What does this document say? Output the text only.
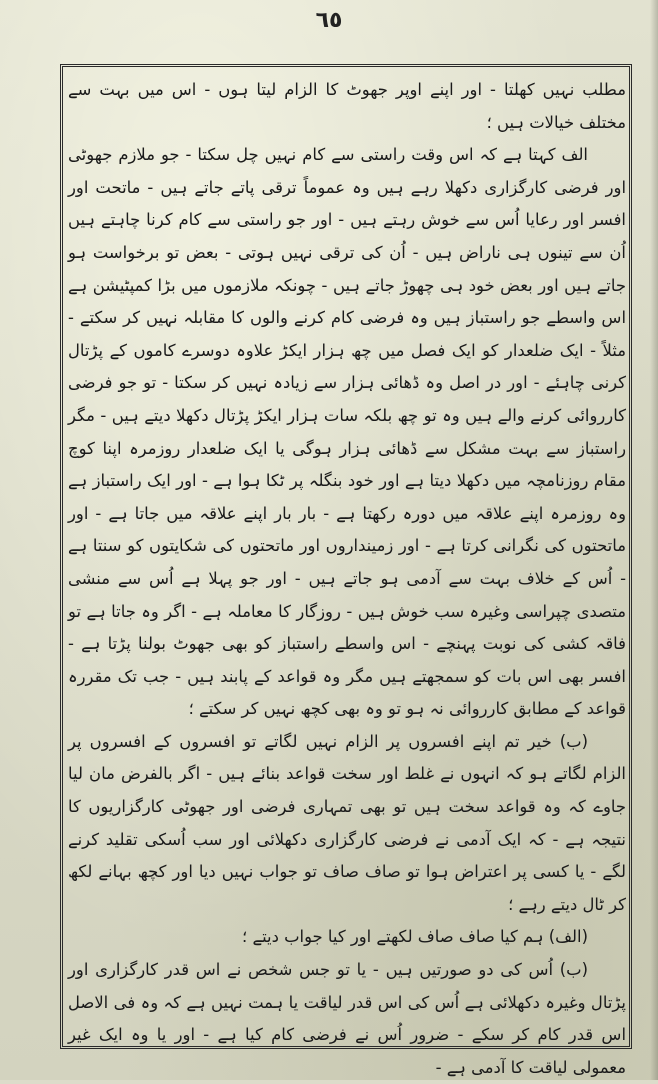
٦٥

مطلب نہیں کھلتا - اور اپنے اوپر جھوٹ کا الزام لیتا ہوں - اس میں بہت سے مختلف خیالات ہیں ؛

الف کہتا ہے کہ اس وقت راستی سے کام نہیں چل سکتا - جو ملازم جھوٹی اور فرضی کارگزاری دکھلا رہے ہیں وہ عموماً ترقی پاتے جاتے ہیں - ماتحت اور افسر اور رعایا اُس سے خوش رہتے ہیں - اور جو راستی سے کام کرنا چاہتے ہیں اُن سے تینوں ہی ناراض ہیں - اُن کی ترقی نہیں ہوتی - بعض تو برخواست ہو جاتے ہیں اور بعض خود ہی چھوڑ جاتے ہیں - چونکہ ملازموں میں بڑا کمپٹیشن ہے اس واسطے جو راستباز ہیں وہ فرضی کام کرنے والوں کا مقابلہ نہیں کر سکتے - مثلاً - ایک ضلعدار کو ایک فصل میں چھ ہزار ایکڑ علاوہ دوسرے کاموں کے پڑتال کرنی چاہئے - اور در اصل وہ ڈھائی ہزار سے زیادہ نہیں کر سکتا - تو جو فرضی کارروائی کرنے والے ہیں وہ تو چھ بلکہ سات ہزار ایکڑ پڑتال دکھلا دیتے ہیں - مگر راستباز سے بہت مشکل سے ڈھائی ہزار ہوگی یا ایک ضلعدار روزمرہ اپنا کوچ مقام روزنامچہ میں دکھلا دیتا ہے اور خود بنگلہ پر ٹکا ہوا ہے - اور ایک راستباز ہے وہ روزمرہ اپنے علاقہ میں دورہ رکھتا ہے - بار بار اپنے علاقہ میں جاتا ہے - اور ماتحتوں کی نگرانی کرتا ہے - اور زمینداروں اور ماتحتوں کی شکایتوں کو سنتا ہے - اُس کے خلاف بہت سے آدمی ہو جاتے ہیں - اور جو پہلا ہے اُس سے منشی متصدی چپراسی وغیرہ سب خوش ہیں - روزگار کا معاملہ ہے - اگر وہ جاتا ہے تو فاقہ کشی کی نوبت پہنچے - اس واسطے راستباز کو بھی جھوٹ بولنا پڑتا ہے - افسر بھی اس بات کو سمجھتے ہیں مگر وہ قواعد کے پابند ہیں - جب تک مقررہ قواعد کے مطابق کارروائی نہ ہو تو وہ بھی کچھ نہیں کر سکتے ؛

(ب) خیر تم اپنے افسروں پر الزام نہیں لگاتے تو افسروں کے افسروں پر الزام لگاتے ہو کہ انہوں نے غلط اور سخت قواعد بنائے ہیں - اگر بالفرض مان لیا جاوے کہ وہ قواعد سخت ہیں تو بھی تمہاری فرضی اور جھوٹی کارگزاریوں کا نتیجہ ہے - کہ ایک آدمی نے فرضی کارگزاری دکھلائی اور سب اُسکی تقلید کرنے لگے - یا کسی پر اعتراض ہوا تو صاف صاف تو جواب نہیں دیا اور کچھ بہانے لکھ کر ٹال دیتے رہے ؛

(الف) ہم کیا صاف صاف لکھتے اور کیا جواب دیتے ؛

(ب) اُس کی دو صورتیں ہیں - یا تو جس شخص نے اس قدر کارگزاری اور پڑتال وغیرہ دکھلائی ہے اُس کی اس قدر لیاقت یا ہمت نہیں ہے کہ وہ فی الاصل اس قدر کام کر سکے - ضرور اُس نے فرضی کام کیا ہے - اور یا وہ ایک غیر معمولی لیاقت کا آدمی ہے -
